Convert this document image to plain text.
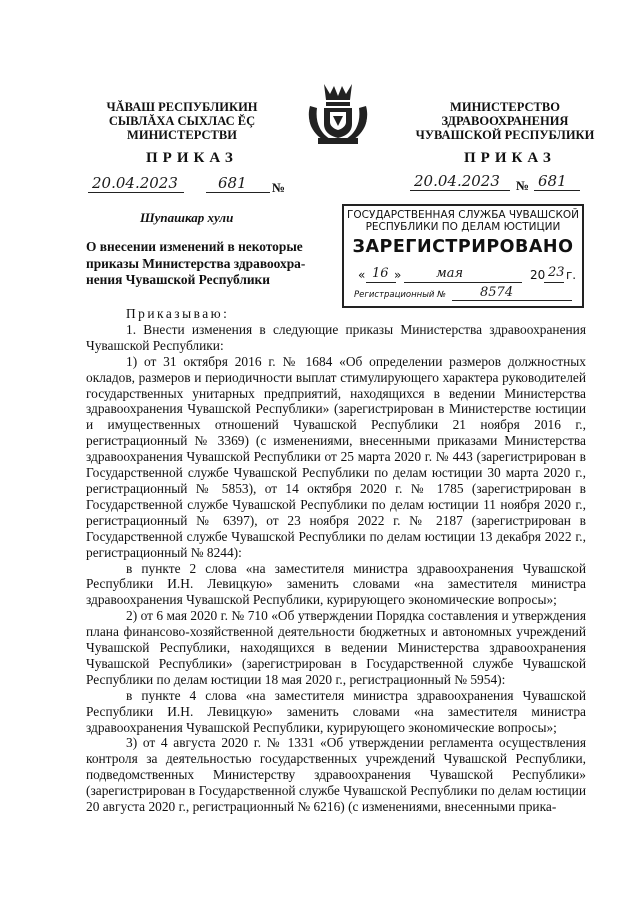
ЧĂВАШ РЕСПУБЛИКИН
СЫВЛĂХА СЫХЛАС ĔÇ
МИНИСТЕРСТВИ
МИНИСТЕРСТВО
ЗДРАВООХРАНЕНИЯ
ЧУВАШСКОЙ РЕСПУБЛИКИ
ПРИКАЗ	ПРИКАЗ
20.04.2023	681 №	20.04.2023 № 681
Шупашкар хули	ГОСУДАРСТВЕННАЯ СЛУЖБА ЧУВАШСКОЙ
РЕСПУБЛИКИ ПО ДЕЛАМ ЮСТИЦИИ
ЗАРЕГИСТРИРОВАНО
« 16 »	мая	20 23 г.
Регистрационный №	8574
О внесении изменений в некоторые
приказы Министерства здравоохра-
нения Чувашской Республики

Приказываю:

1. Внести изменения в следующие приказы Министерства здравоохранения Чувашской Республики:

1) от 31 октября 2016 г. № 1684 «Об определении размеров должностных окладов, размеров и периодичности выплат стимулирующего характера руководителей государственных унитарных предприятий, находящихся в ведении Министерства здравоохранения Чувашской Республики» (зарегистрирован в Министерстве юстиции и имущественных отношений Чувашской Республики 21 ноября 2016 г., регистрационный № 3369) (с изменениями, внесенными приказами Министерства здравоохранения Чувашской Республики от 25 марта 2020 г. № 443 (зарегистрирован в Государственной службе Чувашской Республики по делам юстиции 30 марта 2020 г., регистрационный № 5853), от 14 октября 2020 г. № 1785 (зарегистрирован в Государственной службе Чувашской Республики по делам юстиции 11 ноября 2020 г., регистрационный № 6397), от 23 ноября 2022 г. № 2187 (зарегистрирован в Государственной службе Чувашской Республики по делам юстиции 13 декабря 2022 г., регистрационный № 8244):

в пункте 2 слова «на заместителя министра здравоохранения Чувашской Республики И.Н. Левицкую» заменить словами «на заместителя министра здравоохранения Чувашской Республики, курирующего экономические вопросы»;

2) от 6 мая 2020 г. № 710 «Об утверждении Порядка составления и утверждения плана финансово-хозяйственной деятельности бюджетных и автономных учреждений Чувашской Республики, находящихся в ведении Министерства здравоохранения Чувашской Республики» (зарегистрирован в Государственной службе Чувашской Республики по делам юстиции 18 мая 2020 г., регистрационный № 5954):

в пункте 4 слова «на заместителя министра здравоохранения Чувашской Республики И.Н. Левицкую» заменить словами «на заместителя министра здравоохранения Чувашской Республики, курирующего экономические вопросы»;

3) от 4 августа 2020 г. № 1331 «Об утверждении регламента осуществления контроля за деятельностью государственных учреждений Чувашской Республики, подведомственных Министерству здравоохранения Чувашской Республики» (зарегистрирован в Государственной службе Чувашской Республики по делам юстиции 20 августа 2020 г., регистрационный № 6216) (с изменениями, внесенными прика-
